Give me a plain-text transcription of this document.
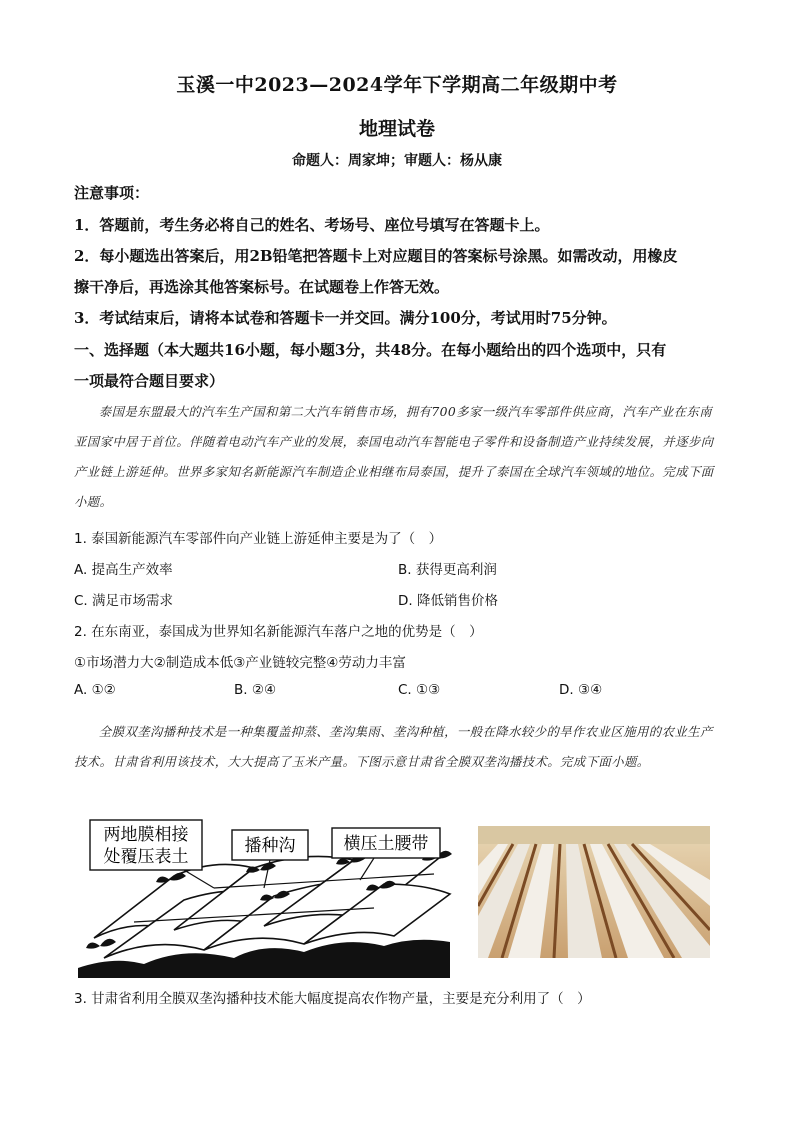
玉溪一中2023—2024学年下学期高二年级期中考
地理试卷
命题人：周家坤；审题人：杨从康
注意事项：
1．答题前，考生务必将自己的姓名、考场号、座位号填写在答题卡上。
2．每小题选出答案后，用2B铅笔把答题卡上对应题目的答案标号涂黑。如需改动，用橡皮
擦干净后，再选涂其他答案标号。在试题卷上作答无效。
3．考试结束后，请将本试卷和答题卡一并交回。满分100分，考试用时75分钟。
一、选择题（本大题共16小题，每小题3分，共48分。在每小题给出的四个选项中，只有
一项最符合题目要求）
泰国是东盟最大的汽车生产国和第二大汽车销售市场，拥有700多家一级汽车零部件供应商，汽车产业在东南亚国家中居于首位。伴随着电动汽车产业的发展，泰国电动汽车智能电子零件和设备制造产业持续发展，并逐步向产业链上游延伸。世界多家知名新能源汽车制造企业相继布局泰国，提升了泰国在全球汽车领域的地位。完成下面小题。
1. 泰国新能源汽车零部件向产业链上游延伸主要是为了（　）
A. 提高生产效率	B. 获得更高利润
C. 满足市场需求	D. 降低销售价格
2. 在东南亚，泰国成为世界知名新能源汽车落户之地的优势是（　）
①市场潜力大②制造成本低③产业链较完整④劳动力丰富
A. ①②	B. ②④	C. ①③	D. ③④
全膜双垄沟播种技术是一种集覆盖抑蒸、垄沟集雨、垄沟种植，一般在降水较少的旱作农业区施用的农业生产技术。甘肃省利用该技术，大大提高了玉米产量。下图示意甘肃省全膜双垄沟播技术。完成下面小题。
两地膜相接
处覆压表土
播种沟	横压土腰带
3. 甘肃省利用全膜双垄沟播种技术能大幅度提高农作物产量，主要是充分利用了（　）
